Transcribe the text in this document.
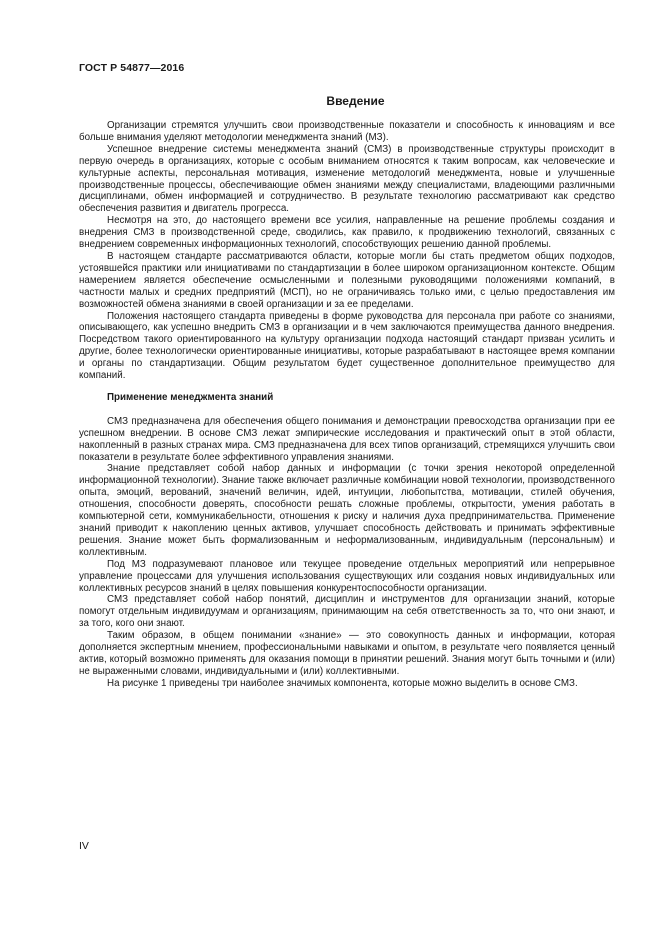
ГОСТ Р 54877—2016
Введение

Организации стремятся улучшить свои производственные показатели и способность к инновациям и все больше внимания уделяют методологии менеджмента знаний (МЗ).

Успешное внедрение системы менеджмента знаний (СМЗ) в производственные структуры происходит в первую очередь в организациях, которые с особым вниманием относятся к таким вопросам, как человеческие и культурные аспекты, персональная мотивация, изменение методологий менеджмента, новые и улучшенные производственные процессы, обеспечивающие обмен знаниями между специалистами, владеющими различными дисциплинами, обмен информацией и сотрудничество. В результате технологию рассматривают как средство обеспечения развития и двигатель прогресса.

Несмотря на это, до настоящего времени все усилия, направленные на решение проблемы создания и внедрения СМЗ в производственной среде, сводились, как правило, к продвижению технологий, связанных с внедрением современных информационных технологий, способствующих решению данной проблемы.

В настоящем стандарте рассматриваются области, которые могли бы стать предметом общих подходов, устоявшейся практики или инициативами по стандартизации в более широком организационном контексте. Общим намерением является обеспечение осмысленными и полезными руководящими положениями компаний, в частности малых и средних предприятий (МСП), но не ограничиваясь только ими, с целью предоставления им возможностей обмена знаниями в своей организации и за ее пределами.

Положения настоящего стандарта приведены в форме руководства для персонала при работе со знаниями, описывающего, как успешно внедрить СМЗ в организации и в чем заключаются преимущества данного внедрения. Посредством такого ориентированного на культуру организации подхода настоящий стандарт призван усилить и другие, более технологически ориентированные инициативы, которые разрабатывают в настоящее время компании и органы по стандартизации. Общим результатом будет существенное дополнительное преимущество для компаний.

Применение менеджмента знаний

СМЗ предназначена для обеспечения общего понимания и демонстрации превосходства организации при ее успешном внедрении. В основе СМЗ лежат эмпирические исследования и практический опыт в этой области, накопленный в разных странах мира. СМЗ предназначена для всех типов организаций, стремящихся улучшить свои показатели в результате более эффективного управления знаниями.

Знание представляет собой набор данных и информации (с точки зрения некоторой определенной информационной технологии). Знание также включает различные комбинации новой технологии, производственного опыта, эмоций, верований, значений величин, идей, интуиции, любопытства, мотивации, стилей обучения, отношения, способности доверять, способности решать сложные проблемы, открытости, умения работать в компьютерной сети, коммуникабельности, отношения к риску и наличия духа предпринимательства. Применение знаний приводит к накоплению ценных активов, улучшает способность действовать и принимать эффективные решения. Знание может быть формализованным и неформализованным, индивидуальным (персональным) и коллективным.

Под МЗ подразумевают плановое или текущее проведение отдельных мероприятий или непрерывное управление процессами для улучшения использования существующих или создания новых индивидуальных или коллективных ресурсов знаний в целях повышения конкурентоспособности организации.

СМЗ представляет собой набор понятий, дисциплин и инструментов для организации знаний, которые помогут отдельным индивидуумам и организациям, принимающим на себя ответственность за то, что они знают, и за того, кого они знают.

Таким образом, в общем понимании «знание» — это совокупность данных и информации, которая дополняется экспертным мнением, профессиональными навыками и опытом, в результате чего появляется ценный актив, который возможно применять для оказания помощи в принятии решений. Знания могут быть точными и (или) не выраженными словами, индивидуальными и (или) коллективными.

На рисунке 1 приведены три наиболее значимых компонента, которые можно выделить в основе СМЗ.

IV
